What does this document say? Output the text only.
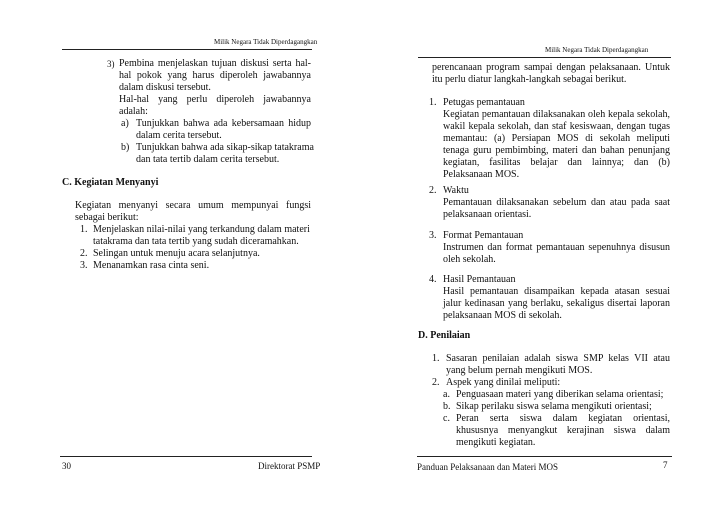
Milik Negara Tidak Diperdagangkan
3) Pembina menjelaskan tujuan diskusi serta hal-
hal pokok yang harus diperoleh jawabannya
dalam diskusi tersebut.
Hal-hal yang perlu diperoleh jawabannya
adalah:
a) Tunjukkan bahwa ada kebersamaan hidup
dalam cerita tersebut.
b) Tunjukkan bahwa ada sikap-sikap tatakrama
dan tata tertib dalam cerita tersebut.
C. Kegiatan Menyanyi
Kegiatan menyanyi secara umum mempunyai fungsi
sebagai berikut:
1. Menjelaskan nilai-nilai yang terkandung dalam materi
tatakrama dan tata tertib yang sudah diceramahkan.
2. Selingan untuk menuju acara selanjutnya.
3. Menanamkan rasa cinta seni.
30	Direktorat PSMP
Milik Negara Tidak Diperdagangkan
perencanaan program sampai dengan pelaksanaan. Untuk
itu perlu diatur langkah-langkah sebagai berikut.
1. Petugas pemantauan
Kegiatan pemantauan dilaksanakan oleh kepala sekolah,
wakil kepala sekolah, dan staf kesiswaan, dengan tugas
memantau: (a) Persiapan MOS di sekolah meliputi
tenaga guru pembimbing, materi dan bahan penunjang
kegiatan, fasilitas belajar dan lainnya; dan (b)
Pelaksanaan MOS.
2. Waktu
Pemantauan dilaksanakan sebelum dan atau pada saat
pelaksanaan orientasi.
3. Format Pemantauan
Instrumen dan format pemantauan sepenuhnya disusun
oleh sekolah.
4. Hasil Pemantauan
Hasil pemantauan disampaikan kepada atasan sesuai
jalur kedinasan yang berlaku, sekaligus disertai laporan
pelaksanaan MOS di sekolah.
D. Penilaian
1. Sasaran penilaian adalah siswa SMP kelas VII atau
yang belum pernah mengikuti MOS.
2. Aspek yang dinilai meliputi:
a. Penguasaan materi yang diberikan selama orientasi;
b. Sikap perilaku siswa selama mengikuti orientasi;
c. Peran serta siswa dalam kegiatan orientasi,
khususnya menyangkut kerajinan siswa dalam
mengikuti kegiatan.
Panduan Pelaksanaan dan Materi MOS	7
